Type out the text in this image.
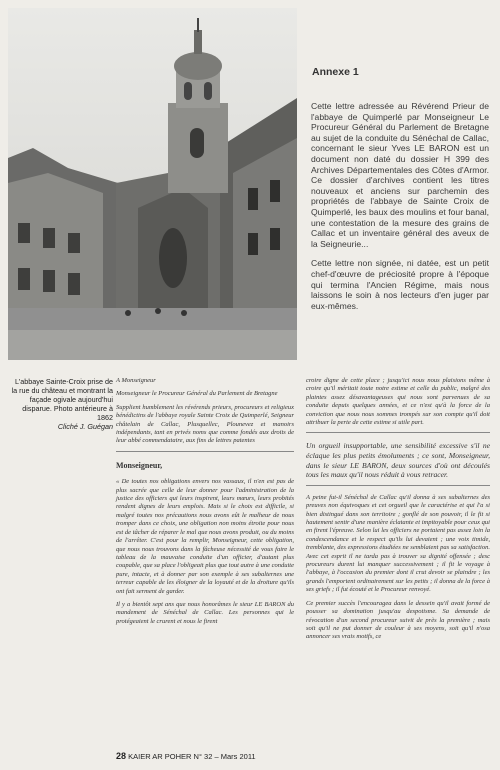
L'abbaye Sainte-Croix prise de la rue du château et montrant la façade ogivale aujourd'hui disparue. Photo antérieure à 1862

Cliché J. Guégan
Annexe 1

Cette lettre adressée au Révérend Prieur de l'abbaye de Quimperlé par Monseigneur Le Procureur Général du Parlement de Bretagne au sujet de la conduite du Sénéchal de Callac, concernant le sieur Yves LE BARON est un document non daté du dossier H 399 des Archives Départementales des Côtes d'Armor. Ce dossier d'archives contient les titres nouveaux et anciens sur parchemin des propriétés de l'abbaye de Sainte Croix de Quimperlé, les baux des moulins et four banal, une contestation de la mesure des grains de Callac et un inventaire général des aveux de la Seigneurie...

Cette lettre non signée, ni datée, est un petit chef-d'œuvre de préciosité propre à l'époque qui termina l'Ancien Régime, mais nous laissons le soin à nos lecteurs d'en juger par eux-mêmes.

A Monseigneur

Monseigneur le Procureur Général du Parlement de Bretagne

Supplient humblement les révérends prieurs, procureurs et religieux bénédictins de l'abbaye royale Sainte Croix de Quimperlé, Seigneur châtelain de Callac, Plusquellec, Plounevez et manoirs indépendants, tant en privés noms que comme fondés aux droits de leur abbé commendataire, aux fins de lettres patentes

Monseigneur,

« De toutes nos obligations envers nos vassaux, il n'en est pas de plus sacrée que celle de leur donner pour l'administration de la justice des officiers qui leurs inspirent, leurs mœurs, leurs probités rendent dignes de leurs emplois. Mais si le choix est difficile, si malgré toutes nos précautions nous avons eût le malheur de nous tromper dans ce choix, une obligation non moins étroite pour nous est de tâcher de réparer le mal que nous avons produit, ou du moins de l'arrêter. C'est pour la remplir, Monseigneur, cette obligation, que nous nous trouvons dans la fâcheuse nécessité de vous faire le tableau de la mauvaise conduite d'un officier, d'autant plus coupable, que sa place l'obligeait plus que tout autre à une conduite pure, intacte, et à donner par son exemple à ses subalternes une terreur capable de les éloigner de la loyauté et de la droiture qu'ils ont fait serment de garder.

Il y a bientôt sept ans que nous honorâmes le sieur LE BARON du mandement de Sénéchal de Callac. Les personnes qui le protégeaient le crurent et nous le firent

croire digne de cette place ; jusqu'ici nous nous plaisions même à croire qu'il méritait toute notre estime et celle du public, malgré des plaintes assez désavantageuses qui nous sont parvenues de sa conduite depuis quelques années, et ce n'est qu'à la force de la conviction que nous nous sommes trompés sur son compte qu'il doit attribuer la perte de cette estime si utile part.

Un orgueil insupportable, une sensibilité excessive s'il ne éclaque les plus petits émoluments ; ce sont, Monseigneur, dans le sieur LE BARON, deux sources d'où ont découlés tous les maux qu'il nous réduit à vous retracer.

A peine fut-il Sénéchal de Callac qu'il donna à ses subalternes des preuves non équivoques et cet orgueil que le caractérise et qui l'a si bien distingué dans son territoire ; gonflé de son pouvoir, il le fit si hautement sentir d'une manière éclatante et impitoyable pour ceux qui en firent l'épreuve. Selon lui les officiers ne portaient pas assez loin la condescendance et le respect qu'ils lui devaient ; une voix timide, tremblante, des expressions étudiées ne semblaient pas sa satisfaction. Avec cet esprit il ne tarda pas à trouver sa dignité offensée ; desc procureurs durent lui manquer successivement ; il fit le voyage à l'abbaye, à l'occasion du premier dont il crut devoir se plaindre ; les grands l'emportent ordinairement sur les petits ; il donna de la force à ses griefs ; il fut écouté et le Procureur renvoyé.

Ce premier succès l'encouragea dans le dessein qu'il avait formé de pousser sa domination jusqu'au despotisme. Sa demande de révocation d'un second procureur suivit de près la première ; mais soit qu'il ne put donner de couleur à ses moyens, soit qu'il n'osa annoncer ses vrais motifs, ce

28 KAIER AR POHER N° 32 – Mars 2011
